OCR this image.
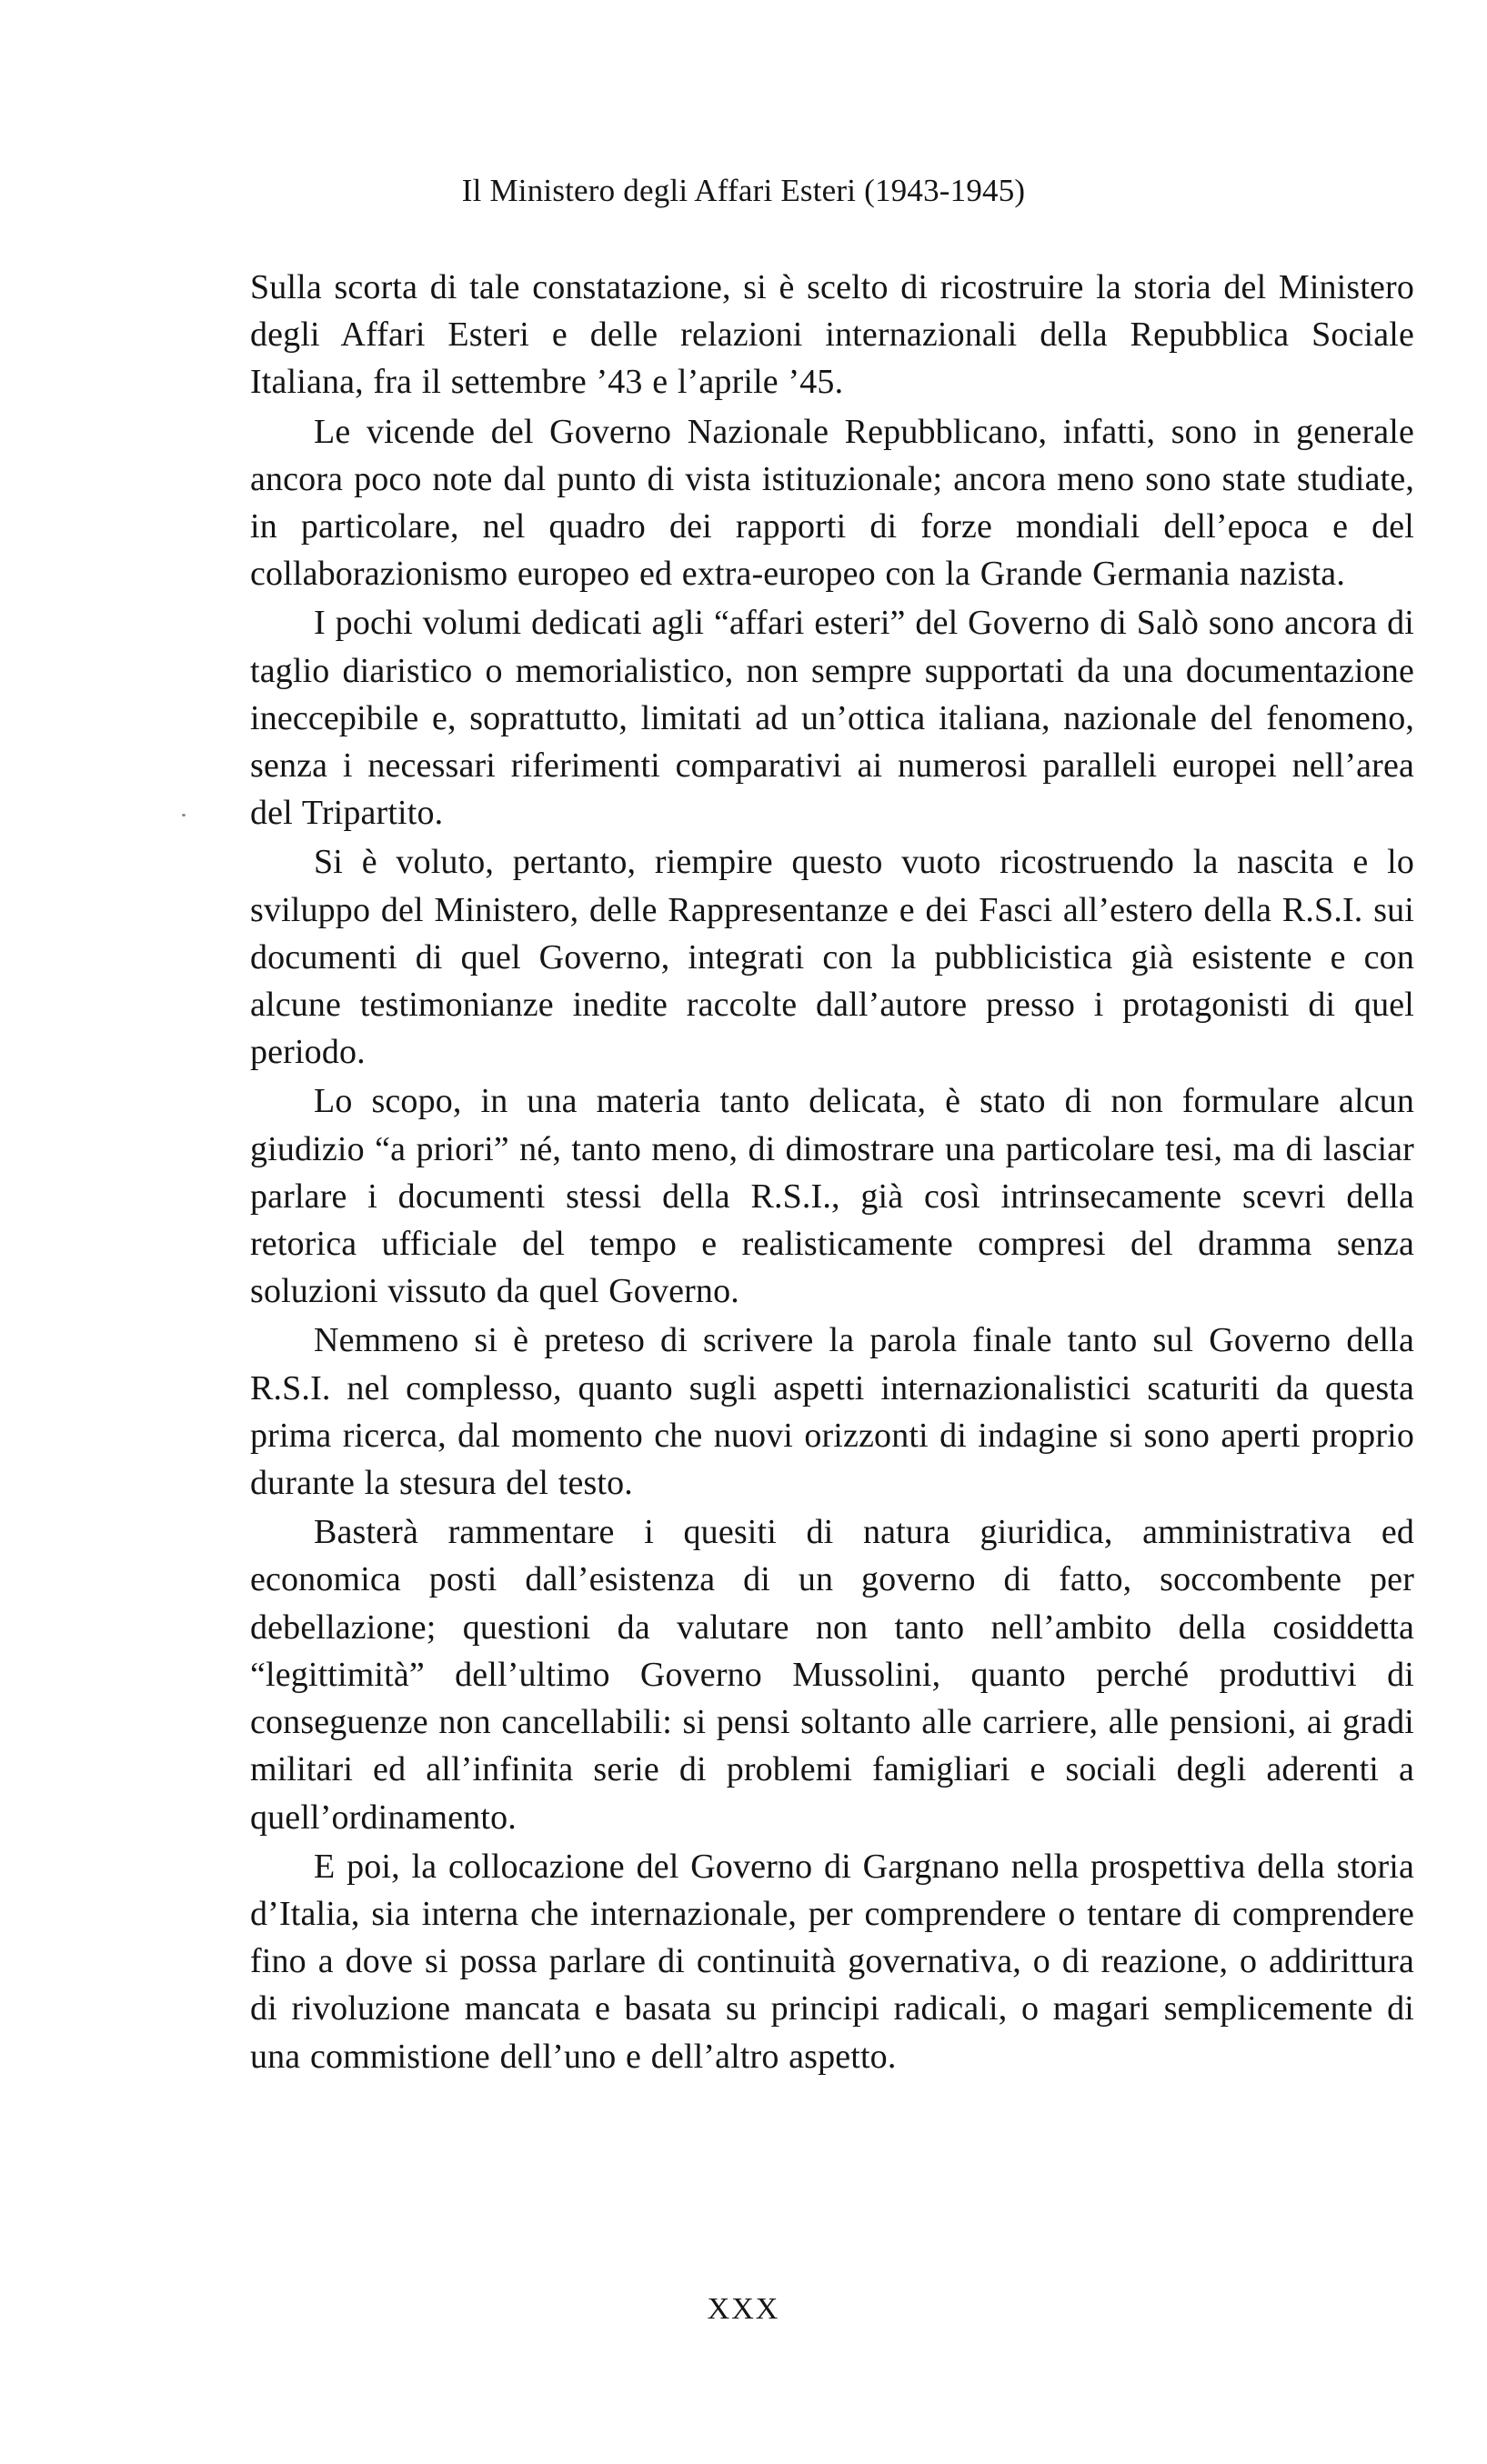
Il Ministero degli Affari Esteri (1943-1945)

Sulla scorta di tale constatazione, si è scelto di ricostruire la storia del Ministero degli Affari Esteri e delle relazioni internazionali della Repubblica Sociale Italiana, fra il settembre ’43 e l’aprile ’45.

Le vicende del Governo Nazionale Repubblicano, infatti, sono in generale ancora poco note dal punto di vista istituzionale; ancora meno sono state studiate, in particolare, nel quadro dei rapporti di forze mondiali dell’epoca e del collaborazionismo europeo ed extra-europeo con la Grande Germania nazista.

I pochi volumi dedicati agli “affari esteri” del Governo di Salò sono ancora di taglio diaristico o memorialistico, non sempre supportati da una documentazione ineccepibile e, soprattutto, limitati ad un’ottica italiana, nazionale del fenomeno, senza i necessari riferimenti comparativi ai numerosi paralleli europei nell’area del Tripartito.

Si è voluto, pertanto, riempire questo vuoto ricostruendo la nascita e lo sviluppo del Ministero, delle Rappresentanze e dei Fasci all’estero della R.S.I. sui documenti di quel Governo, integrati con la pubblicistica già esistente e con alcune testimonianze inedite raccolte dall’autore presso i protagonisti di quel periodo.

Lo scopo, in una materia tanto delicata, è stato di non formulare alcun giudizio “a priori” né, tanto meno, di dimostrare una particolare tesi, ma di lasciar parlare i documenti stessi della R.S.I., già così intrinsecamente scevri della retorica ufficiale del tempo e realisticamente compresi del dramma senza soluzioni vissuto da quel Governo.

Nemmeno si è preteso di scrivere la parola finale tanto sul Governo della R.S.I. nel complesso, quanto sugli aspetti internazionalistici scaturiti da questa prima ricerca, dal momento che nuovi orizzonti di indagine si sono aperti proprio durante la stesura del testo.

Basterà rammentare i quesiti di natura giuridica, amministrativa ed economica posti dall’esistenza di un governo di fatto, soccombente per debellazione; questioni da valutare non tanto nell’ambito della cosiddetta “legittimità” dell’ultimo Governo Mussolini, quanto perché produttivi di conseguenze non cancellabili: si pensi soltanto alle carriere, alle pensioni, ai gradi militari ed all’infinita serie di problemi famigliari e sociali degli aderenti a quell’ordinamento.

E poi, la collocazione del Governo di Gargnano nella prospettiva della storia d’Italia, sia interna che internazionale, per comprendere o tentare di comprendere fino a dove si possa parlare di continuità governativa, o di reazione, o addirittura di rivoluzione mancata e basata su principi radicali, o magari semplicemente di una commistione dell’uno e dell’altro aspetto.

XXX
